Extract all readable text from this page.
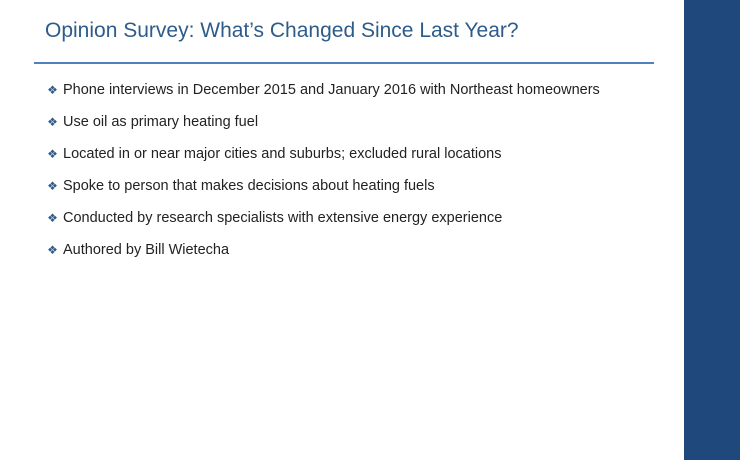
Opinion Survey: What’s Changed Since Last Year?
❖ Phone interviews in December 2015 and January 2016 with Northeast homeowners
❖ Use oil as primary heating fuel
❖ Located in or near major cities and suburbs; excluded rural locations
❖ Spoke to person that makes decisions about heating fuels
❖ Conducted by research specialists with extensive energy experience
❖ Authored by Bill Wietecha
